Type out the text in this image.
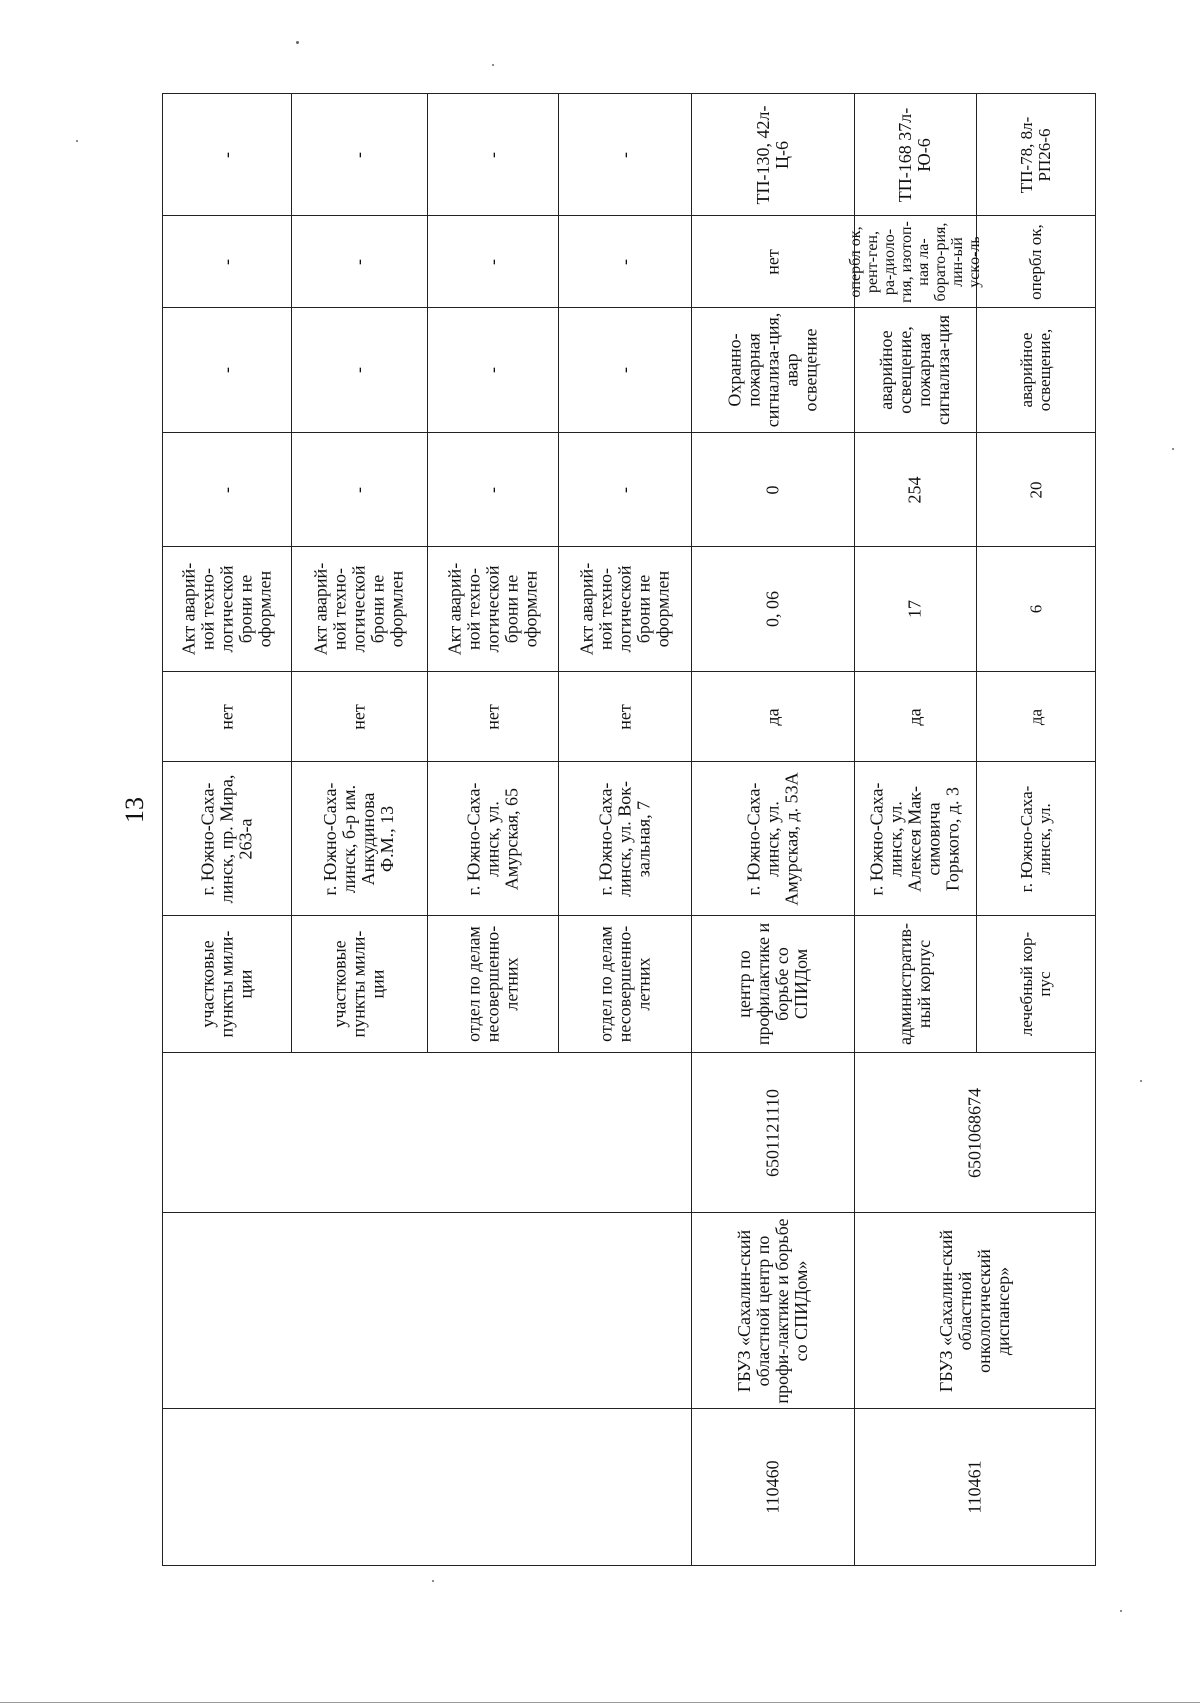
13
-	-	-	-	ТП-130, 42л-Ц-6	ТП-168 37л-Ю-6	ТП-78, 8л-РП26-6

-	-	-	-	нет	опербл ок, рент-ген, ра-диоло-гия, изотоп-ная ла-борато-рия, лин-ый ускo-ль	опербл ок,

-	-	-	-	Охранно-пожарная сигнализа-ция, авар освещение	аварийное освещение, пожарная сигнализа-ция	аварийное освещение,

-	-	-	-	0	254	20

Акт аварий-ной техно-логической брони не оформлен	Акт аварий-ной техно-логической брони не оформлен	Акт аварий-ной техно-логической брони не оформлен	Акт аварий-ной техно-логической брони не оформлен	0, 06	17	6

нет	нет	нет	нет	да	да	да

г. Южно-Саха-линск, пр. Мира, 263-а	г. Южно-Саха-линск, б-р им. Анкудинова Ф.М., 13	г. Южно-Саха-линск, ул. Амурская, 65	г. Южно-Саха-линск, ул. Вок-зальная, 7	г. Южно-Саха-линск, ул. Амурская, д. 53А	г. Южно-Саха-линск, ул. Алексея Мак-симовича Горького, д. 3	г. Южно-Саха-линск, ул.

участковые пункты мили-ции	участковые пункты мили-ции	отдел по делам несовершенно-летних	отдел по делам несовершенно-летних	центр по профилактике и борьбе со СПИДом	административ-ный корпус	лечебный кор-пус

				6501121110	6501068674	

				ГБУЗ «Сахалин-ский областной центр по профи-лактике и борьбе со СПИДом»	ГБУЗ «Сахалин-ский областной онкологический диспансер»	

				110460	110461	
